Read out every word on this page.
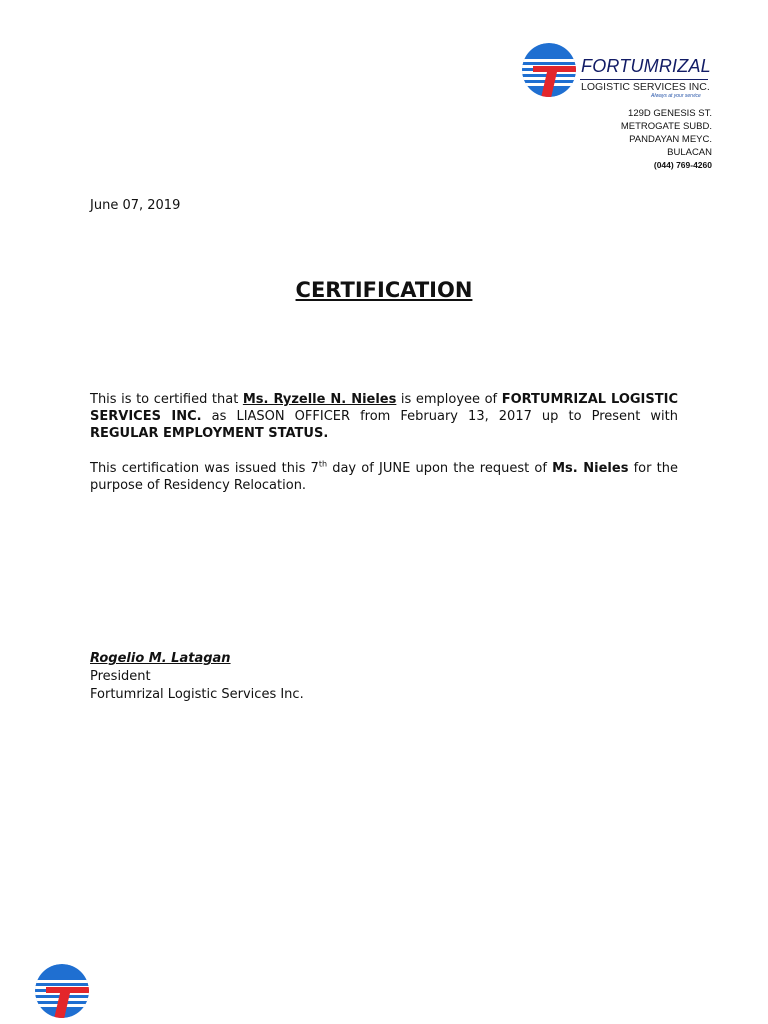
FORTUMRIZAL
LOGISTIC SERVICES INC.
Always at your service
129D GENESIS ST.
METROGATE SUBD.
PANDAYAN MEYC.
BULACAN
(044) 769-4260
June 07, 2019
CERTIFICATION
This is to certified that Ms. Ryzelle N. Nieles is employee of FORTUMRIZAL LOGISTIC SERVICES INC. as LIASON OFFICER from February 13, 2017 up to Present with REGULAR EMPLOYMENT STATUS.
This certification was issued this 7th day of JUNE upon the request of Ms. Nieles for the purpose of Residency Relocation.
Rogelio M. Latagan
President
Fortumrizal Logistic Services Inc.
